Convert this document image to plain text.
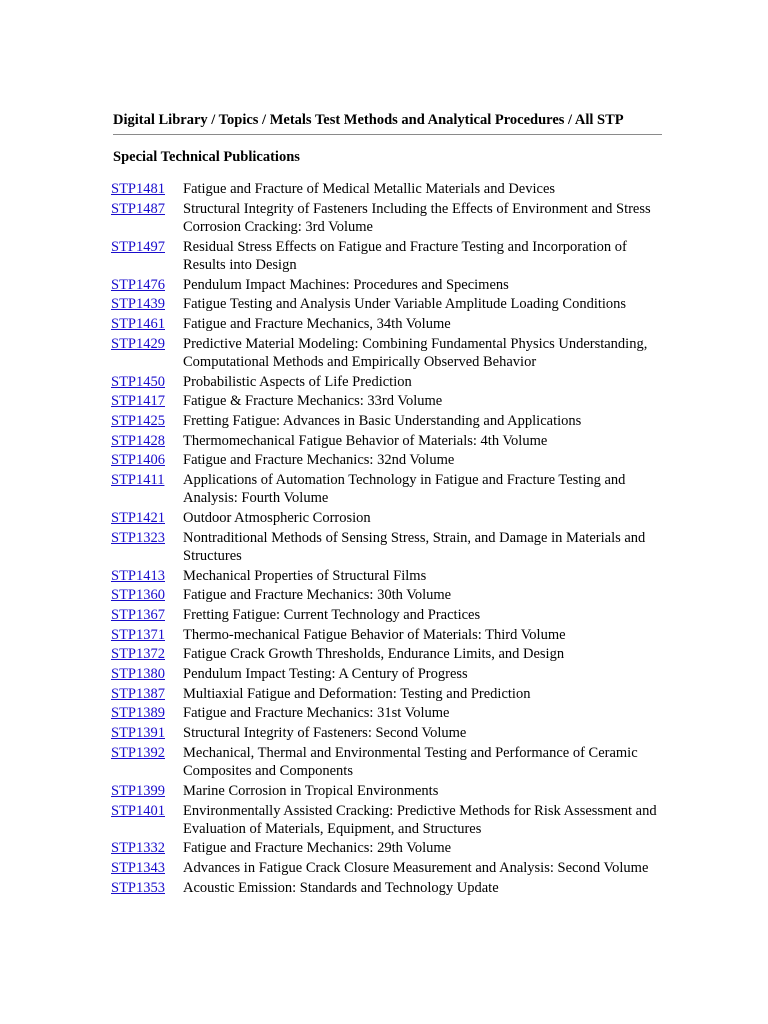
Digital Library / Topics / Metals Test Methods and Analytical Procedures / All STP
Special Technical Publications
STP1481	Fatigue and Fracture of Medical Metallic Materials and Devices
STP1487	Structural Integrity of Fasteners Including the Effects of Environment and Stress Corrosion Cracking: 3rd Volume
STP1497	Residual Stress Effects on Fatigue and Fracture Testing and Incorporation of Results into Design
STP1476	Pendulum Impact Machines: Procedures and Specimens
STP1439	Fatigue Testing and Analysis Under Variable Amplitude Loading Conditions
STP1461	Fatigue and Fracture Mechanics, 34th Volume
STP1429	Predictive Material Modeling: Combining Fundamental Physics Understanding, Computational Methods and Empirically Observed Behavior
STP1450	Probabilistic Aspects of Life Prediction
STP1417	Fatigue & Fracture Mechanics: 33rd Volume
STP1425	Fretting Fatigue: Advances in Basic Understanding and Applications
STP1428	Thermomechanical Fatigue Behavior of Materials: 4th Volume
STP1406	Fatigue and Fracture Mechanics: 32nd Volume
STP1411	Applications of Automation Technology in Fatigue and Fracture Testing and Analysis: Fourth Volume
STP1421	Outdoor Atmospheric Corrosion
STP1323	Nontraditional Methods of Sensing Stress, Strain, and Damage in Materials and Structures
STP1413	Mechanical Properties of Structural Films
STP1360	Fatigue and Fracture Mechanics: 30th Volume
STP1367	Fretting Fatigue: Current Technology and Practices
STP1371	Thermo-mechanical Fatigue Behavior of Materials: Third Volume
STP1372	Fatigue Crack Growth Thresholds, Endurance Limits, and Design
STP1380	Pendulum Impact Testing: A Century of Progress
STP1387	Multiaxial Fatigue and Deformation: Testing and Prediction
STP1389	Fatigue and Fracture Mechanics: 31st Volume
STP1391	Structural Integrity of Fasteners: Second Volume
STP1392	Mechanical, Thermal and Environmental Testing and Performance of Ceramic Composites and Components
STP1399	Marine Corrosion in Tropical Environments
STP1401	Environmentally Assisted Cracking: Predictive Methods for Risk Assessment and Evaluation of Materials, Equipment, and Structures
STP1332	Fatigue and Fracture Mechanics: 29th Volume
STP1343	Advances in Fatigue Crack Closure Measurement and Analysis: Second Volume
STP1353	Acoustic Emission: Standards and Technology Update
